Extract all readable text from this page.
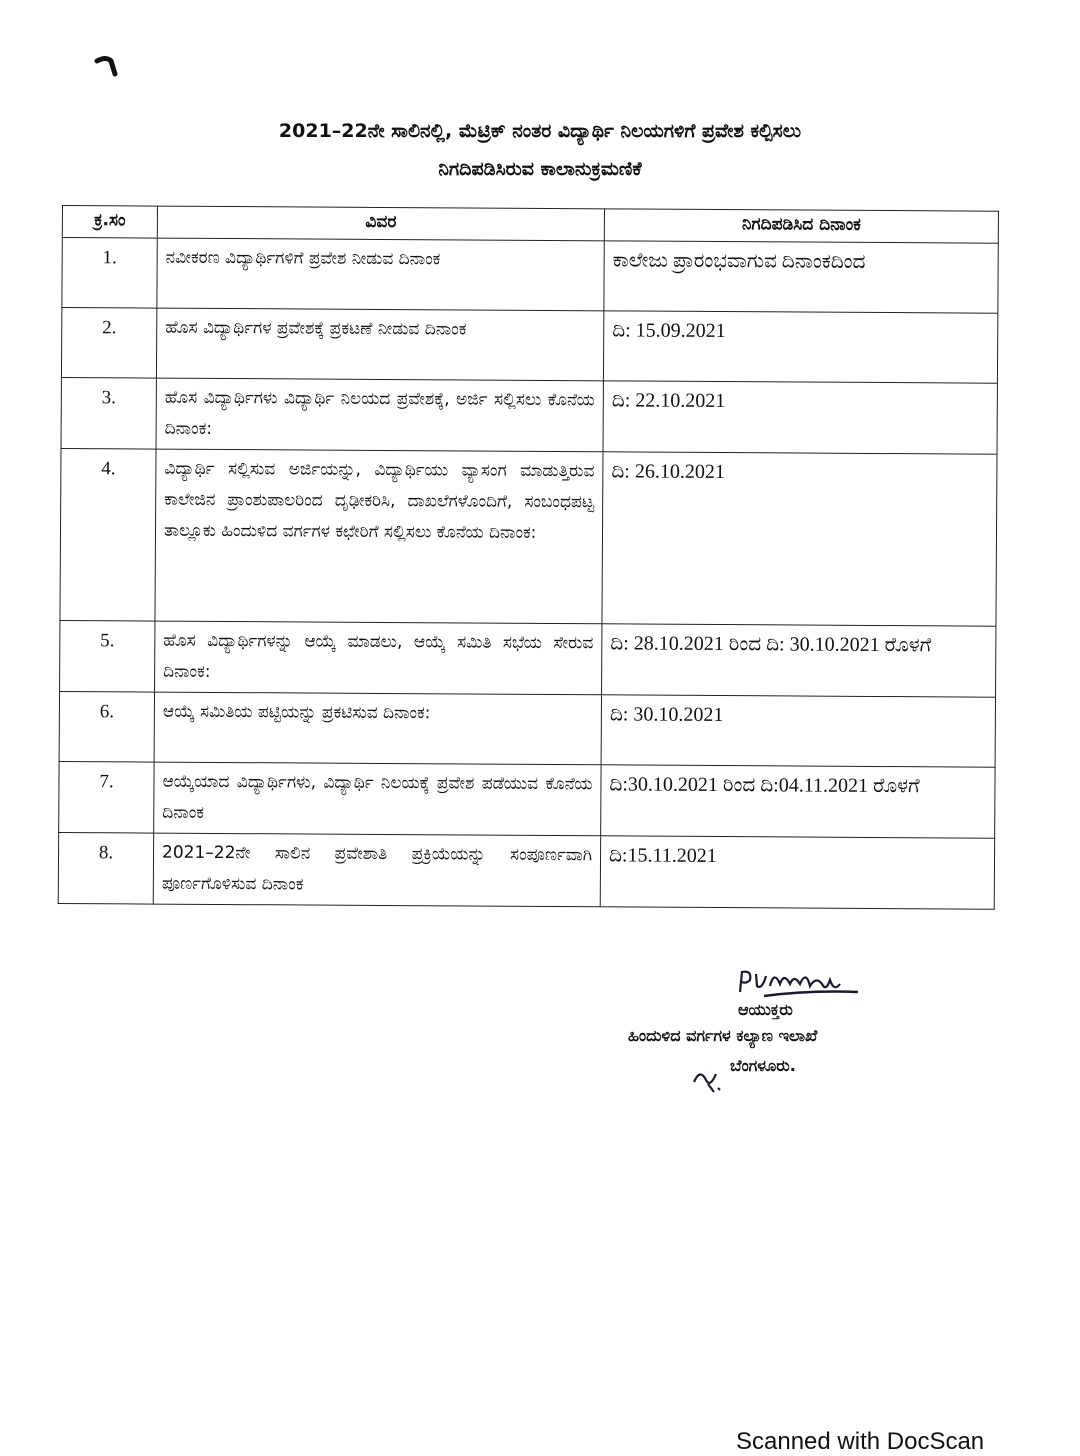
2021–22ನೇ ಸಾಲಿನಲ್ಲಿ, ಮೆಟ್ರಿಕ್ ನಂತರ ವಿದ್ಯಾರ್ಥಿ ನಿಲಯಗಳಿಗೆ ಪ್ರವೇಶ ಕಲ್ಪಿಸಲು
ನಿಗದಿಪಡಿಸಿರುವ ಕಾಲಾನುಕ್ರಮಣಿಕೆ
ಕ್ರ.ಸಂ	ವಿವರ	ನಿಗದಿಪಡಿಸಿದ ದಿನಾಂಕ
1.	ನವೀಕರಣ ವಿದ್ಯಾರ್ಥಿಗಳಿಗೆ ಪ್ರವೇಶ ನೀಡುವ ದಿನಾಂಕ	ಕಾಲೇಜು ಪ್ರಾರಂಭವಾಗುವ ದಿನಾಂಕದಿಂದ
2.	ಹೊಸ ವಿದ್ಯಾರ್ಥಿಗಳ ಪ್ರವೇಶಕ್ಕೆ ಪ್ರಕಟಣೆ ನೀಡುವ ದಿನಾಂಕ	ದಿ: 15.09.2021
3.	ಹೊಸ ವಿದ್ಯಾರ್ಥಿಗಳು ವಿದ್ಯಾರ್ಥಿ ನಿಲಯದ ಪ್ರವೇಶಕ್ಕೆ, ಅರ್ಜಿ ಸಲ್ಲಿಸಲು ಕೊನೆಯ ದಿನಾಂಕ:	ದಿ: 22.10.2021
4.	ವಿದ್ಯಾರ್ಥಿ ಸಲ್ಲಿಸುವ ಅರ್ಜಿಯನ್ನು, ವಿದ್ಯಾರ್ಥಿಯು ವ್ಯಾಸಂಗ ಮಾಡುತ್ತಿರುವ ಕಾಲೇಜಿನ ಪ್ರಾಂಶುಪಾಲರಿಂದ ದೃಢೀಕರಿಸಿ, ದಾಖಲೆಗಳೊಂದಿಗೆ, ಸಂಬಂಧಪಟ್ಟ ತಾಲ್ಲೂಕು ಹಿಂದುಳಿದ ವರ್ಗಗಳ ಕಛೇರಿಗೆ ಸಲ್ಲಿಸಲು ಕೊನೆಯ ದಿನಾಂಕ:	ದಿ: 26.10.2021
5.	ಹೊಸ ವಿದ್ಯಾರ್ಥಿಗಳನ್ನು ಆಯ್ಕೆ ಮಾಡಲು, ಆಯ್ಕೆ ಸಮಿತಿ ಸಭೆಯ ಸೇರುವ ದಿನಾಂಕ:	ದಿ: 28.10.2021 ರಿಂದ ದಿ: 30.10.2021 ರೊಳಗೆ
6.	ಆಯ್ಕೆ ಸಮಿತಿಯ ಪಟ್ಟಿಯನ್ನು ಪ್ರಕಟಿಸುವ ದಿನಾಂಕ:	ದಿ: 30.10.2021
7.	ಆಯ್ಕೆಯಾದ ವಿದ್ಯಾರ್ಥಿಗಳು, ವಿದ್ಯಾರ್ಥಿ ನಿಲಯಕ್ಕೆ ಪ್ರವೇಶ ಪಡೆಯುವ ಕೊನೆಯ ದಿನಾಂಕ	ದಿ:30.10.2021 ರಿಂದ ದಿ:04.11.2021 ರೊಳಗೆ
8.	2021–22ನೇ ಸಾಲಿನ ಪ್ರವೇಶಾತಿ ಪ್ರಕ್ರಿಯೆಯನ್ನು ಸಂಪೂರ್ಣವಾಗಿ ಪೂರ್ಣಗೊಳಿಸುವ ದಿನಾಂಕ	ದಿ:15.11.2021
ಆಯುಕ್ತರು
ಹಿಂದುಳಿದ ವರ್ಗಗಳ ಕಲ್ಯಾಣ ಇಲಾಖೆ
ಬೆಂಗಳೂರು.
Scanned with DocScan
